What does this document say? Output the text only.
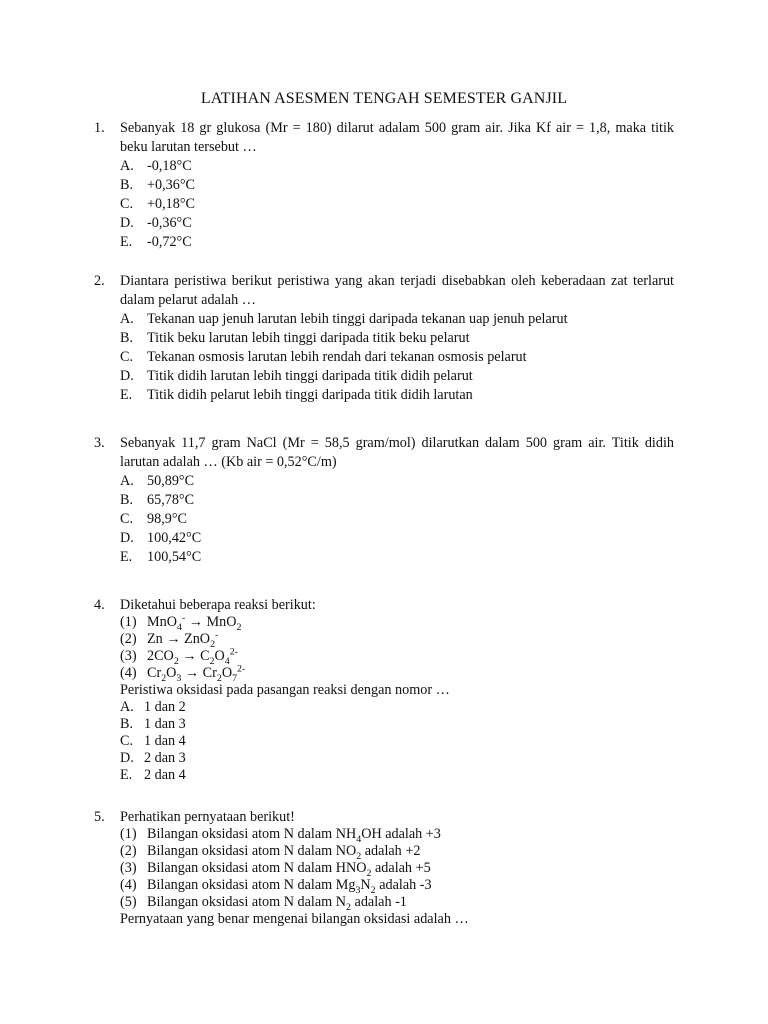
LATIHAN ASESMEN TENGAH SEMESTER GANJIL
1.	Sebanyak 18 gr glukosa (Mr = 180) dilarut adalam 500 gram air. Jika Kf air = 1,8, maka titik beku larutan tersebut …
A. -0,18°C
B. +0,36°C
C. +0,18°C
D. -0,36°C
E. -0,72°C
2.	Diantara peristiwa berikut peristiwa yang akan terjadi disebabkan oleh keberadaan zat terlarut dalam pelarut adalah …
A. Tekanan uap jenuh larutan lebih tinggi daripada tekanan uap jenuh pelarut
B. Titik beku larutan lebih tinggi daripada titik beku pelarut
C. Tekanan osmosis larutan lebih rendah dari tekanan osmosis pelarut
D. Titik didih larutan lebih tinggi daripada titik didih pelarut
E. Titik didih pelarut lebih tinggi daripada titik didih larutan
3.	Sebanyak 11,7 gram NaCl (Mr = 58,5 gram/mol) dilarutkan dalam 500 gram air. Titik didih larutan adalah … (Kb air = 0,52°C/m)
A. 50,89°C
B. 65,78°C
C. 98,9°C
D. 100,42°C
E. 100,54°C
4.	Diketahui beberapa reaksi berikut:
(1) MnO$_4$- → MnO$_2$
(2) Zn → ZnO$_2$-
(3) $2CO_2 \to C_2O_4^{2-}$
(4) $Cr_2O_3 \to Cr_2O_7^{2-}$
Peristiwa oksidasi pada pasangan reaksi dengan nomor …
A. 1 dan 2
B. 1 dan 3
C. 1 dan 4
D. 2 dan 3
E. 2 dan 4
5.	Perhatikan pernyataan berikut!
(1) Bilangan oksidasi atom N dalam $NH_4OH$ adalah +3
(2) Bilangan oksidasi atom N dalam $NO_2$ adalah +2
(3) Bilangan oksidasi atom N dalam $HNO_2$ adalah +5
(4) Bilangan oksidasi atom N dalam $Mg_3N_2$ adalah -3
(5) Bilangan oksidasi atom N dalam $N_2$ adalah -1
Pernyataan yang benar mengenai bilangan oksidasi adalah …
